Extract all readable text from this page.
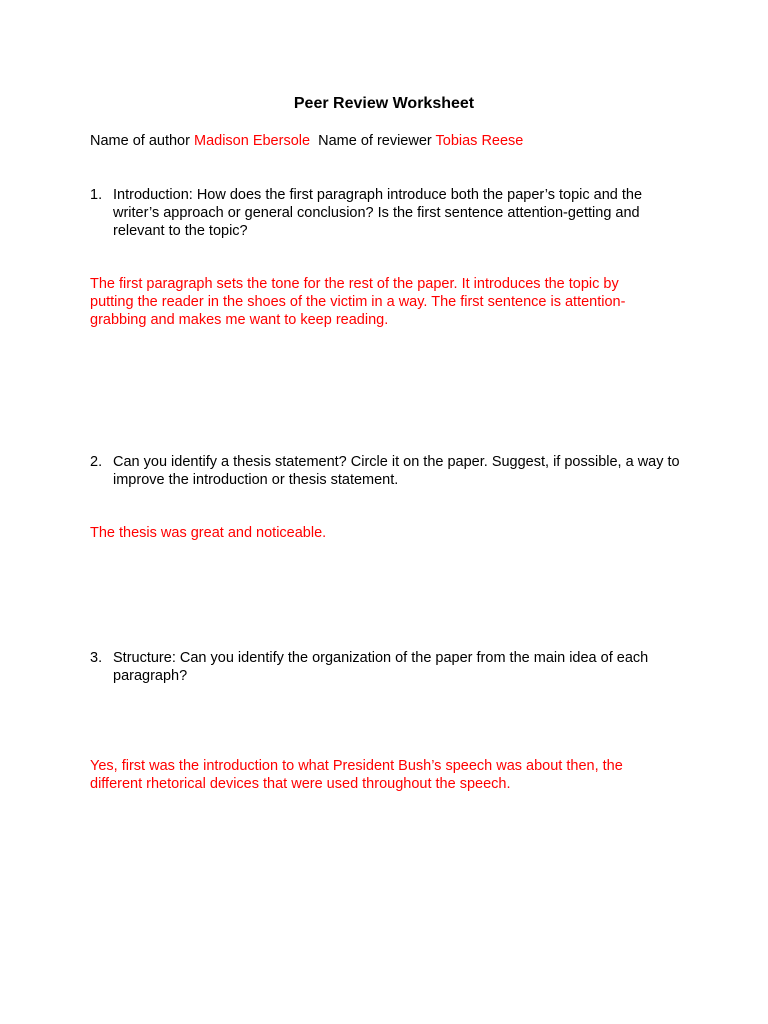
Peer Review Worksheet
Name of author Madison Ebersole  Name of reviewer Tobias Reese
1. Introduction: How does the first paragraph introduce both the paper’s topic and the writer’s approach or general conclusion? Is the first sentence attention-getting and relevant to the topic?
The first paragraph sets the tone for the rest of the paper. It introduces the topic by putting the reader in the shoes of the victim in a way. The first sentence is attention-grabbing and makes me want to keep reading.
2. Can you identify a thesis statement? Circle it on the paper. Suggest, if possible, a way to improve the introduction or thesis statement.
The thesis was great and noticeable.
3. Structure: Can you identify the organization of the paper from the main idea of each paragraph?
Yes, first was the introduction to what President Bush’s speech was about then, the different rhetorical devices that were used throughout the speech.
